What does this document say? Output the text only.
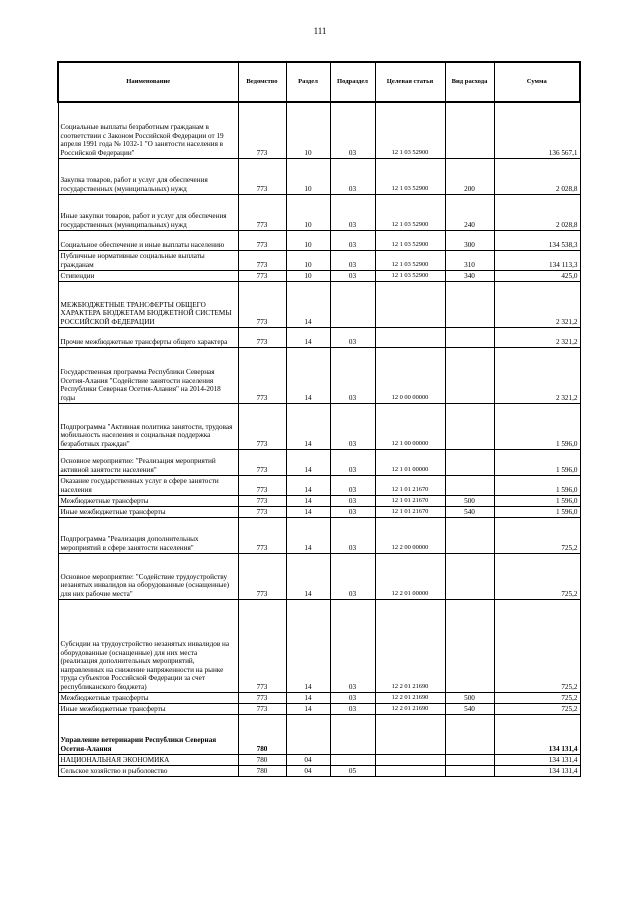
111
Наименование	Ведомство	Раздел	Подраздел	Целевая статья	Вид расхода	Сумма
Социальные выплаты безработным гражданам в соответствии с Законом Российской Федерации от 19 апреля 1991 года № 1032-1 "О занятости населения в Российской Федерации"	773	10	03	12 1 03 52900		136 567,1
Закупка товаров, работ и услуг для обеспечения государственных (муниципальных) нужд	773	10	03	12 1 03 52900	200	2 028,8
Иные закупки товаров, работ и услуг для обеспечения государственных (муниципальных) нужд	773	10	03	12 1 03 52900	240	2 028,8
Социальное обеспечение и иные выплаты населению	773	10	03	12 1 03 52900	300	134 538,3
Публичные нормативные социальные выплаты гражданам	773	10	03	12 1 03 52900	310	134 113,3
Стипендии	773	10	03	12 1 03 52900	340	425,0
МЕЖБЮДЖЕТНЫЕ ТРАНСФЕРТЫ ОБЩЕГО ХАРАКТЕРА БЮДЖЕТАМ БЮДЖЕТНОЙ СИСТЕМЫ РОССИЙСКОЙ ФЕДЕРАЦИИ	773	14				2 321,2
Прочие межбюджетные трансферты общего характера	773	14	03			2 321,2
Государственная программа Республики Северная Осетия-Алания "Содействие занятости населения Республики Северная Осетия-Алания" на 2014-2018 годы	773	14	03	12 0 00 00000		2 321,2
Подпрограмма "Активная политика занятости, трудовая мобильность населения и социальная поддержка безработных граждан"	773	14	03	12 1 00 00000		1 596,0
Основное мероприятие: "Реализация мероприятий активной занятости населения"	773	14	03	12 1 01 00000		1 596,0
Оказание государственных услуг в сфере занятости населения	773	14	03	12 1 01 21670		1 596,0
Межбюджетные трансферты	773	14	03	12 1 01 21670	500	1 596,0
Иные межбюджетные трансферты	773	14	03	12 1 01 21670	540	1 596,0
Подпрограмма "Реализация дополнительных мероприятий в сфере занятости населения"	773	14	03	12 2 00 00000		725,2
Основное мероприятие: "Содействие трудоустройству незанятых инвалидов на оборудованные (оснащенные) для них рабочие места"	773	14	03	12 2 01 00000		725,2
Субсидии на трудоустройство незанятых инвалидов на оборудованные (оснащенные) для них места (реализация дополнительных мероприятий, направленных на снижение напряженности на рынке труда субъектов Российской Федерации за счет республиканского бюджета)	773	14	03	12 2 01 21690		725,2
Межбюджетные трансферты	773	14	03	12 2 01 21690	500	725,2
Иные межбюджетные трансферты	773	14	03	12 2 01 21690	540	725,2
Управление ветеринарии Республики Северная Осетия-Алания	780					134 131,4
НАЦИОНАЛЬНАЯ ЭКОНОМИКА	780	04				134 131,4
Сельское хозяйство и рыболовство	780	04	05			134 131,4
